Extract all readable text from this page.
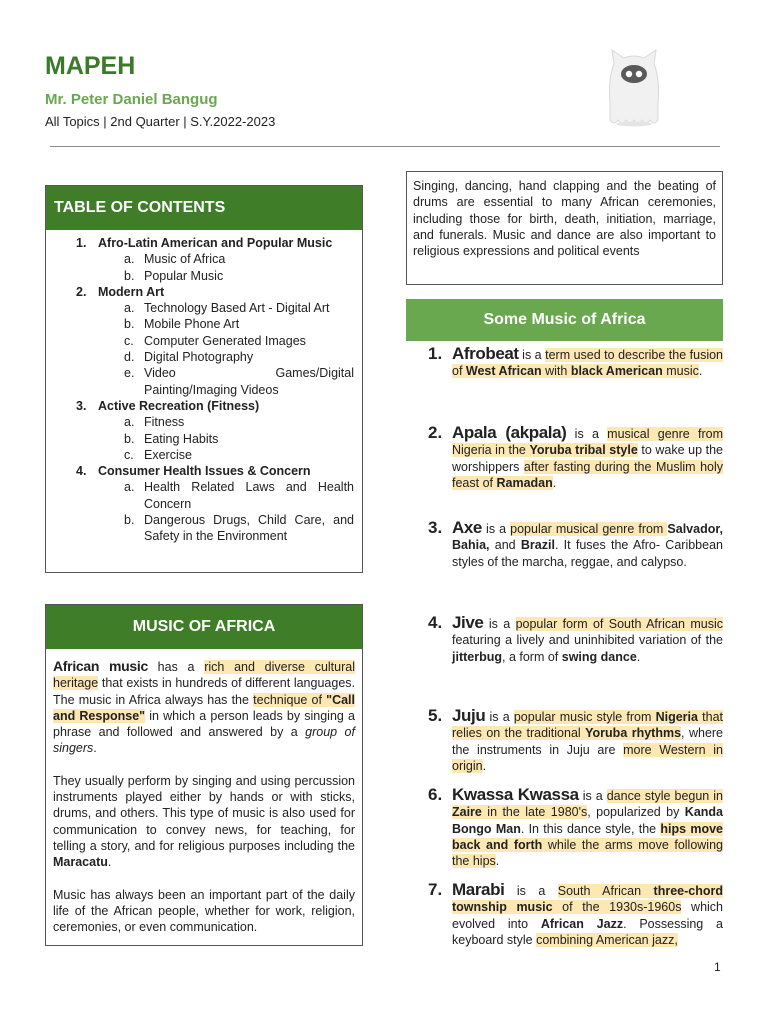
MAPEH
Mr. Peter Daniel Bangug
All Topics | 2nd Quarter | S.Y.2022-2023
TABLE OF CONTENTS
1. Afro-Latin American and Popular Music
a. Music of Africa
b. Popular Music
2. Modern Art
a. Technology Based Art - Digital Art
b. Mobile Phone Art
c. Computer Generated Images
d. Digital Photography
e. Video Games/Digital Painting/Imaging Videos
3. Active Recreation (Fitness)
a. Fitness
b. Eating Habits
c. Exercise
4. Consumer Health Issues & Concern
a. Health Related Laws and Health Concern
b. Dangerous Drugs, Child Care, and Safety in the Environment
MUSIC OF AFRICA

African music has a rich and diverse cultural heritage that exists in hundreds of different languages. The music in Africa always has the technique of "Call and Response" in which a person leads by singing a phrase and followed and answered by a group of singers.

They usually perform by singing and using percussion instruments played either by hands or with sticks, drums, and others. This type of music is also used for communication to convey news, for teaching, for telling a story, and for religious purposes including the Maracatu.

Music has always been an important part of the daily life of the African people, whether for work, religion, ceremonies, or even communication.

Singing, dancing, hand clapping and the beating of drums are essential to many African ceremonies, including those for birth, death, initiation, marriage, and funerals. Music and dance are also important to religious expressions and political events
Some Music of Africa
1. Afrobeat is a term used to describe the fusion of West African with black American music.
2. Apala (akpala) is a musical genre from Nigeria in the Yoruba tribal style to wake up the worshippers after fasting during the Muslim holy feast of Ramadan.
3. Axe is a popular musical genre from Salvador, Bahia, and Brazil. It fuses the Afro- Caribbean styles of the marcha, reggae, and calypso.
4. Jive is a popular form of South African music featuring a lively and uninhibited variation of the jitterbug, a form of swing dance.
5. Juju is a popular music style from Nigeria that relies on the traditional Yoruba rhythms, where the instruments in Juju are more Western in origin.
6. Kwassa Kwassa is a dance style begun in Zaire in the late 1980's, popularized by Kanda Bongo Man. In this dance style, the hips move back and forth while the arms move following the hips.
7. Marabi is a South African three-chord township music of the 1930s-1960s which evolved into African Jazz. Possessing a keyboard style combining American jazz,
1
